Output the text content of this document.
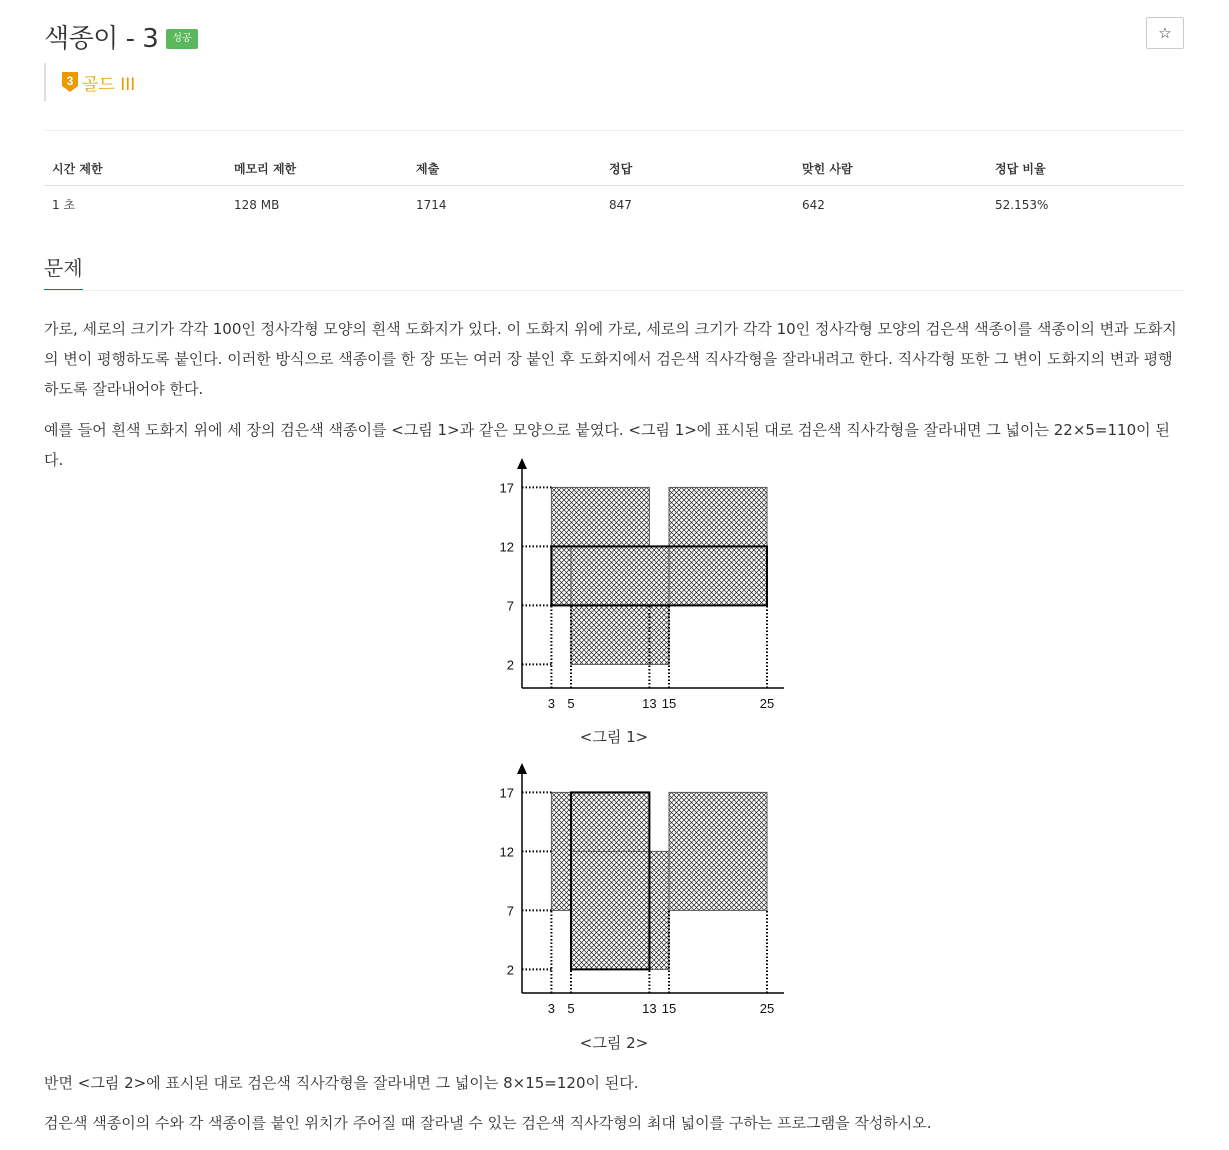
색종이 - 3	성공	☆
3 골드 III
시간 제한	메모리 제한	제출	정답	맞힌 사람	정답 비율
1 초	128 MB	1714	847	642	52.153%
문제
가로, 세로의 크기가 각각 100인 정사각형 모양의 흰색 도화지가 있다. 이 도화지 위에 가로, 세로의 크기가 각각 10인 정사각형 모양의 검은색 색종이를 색종이의 변과 도화지의 변이 평행하도록 붙인다. 이러한 방식으로 색종이를 한 장 또는 여러 장 붙인 후 도화지에서 검은색 직사각형을 잘라내려고 한다. 직사각형 또한 그 변이 도화지의 변과 평행하도록 잘라내어야 한다.
예를 들어 흰색 도화지 위에 세 장의 검은색 색종이를 <그림 1>과 같은 모양으로 붙였다. <그림 1>에 표시된 대로 검은색 직사각형을 잘라내면 그 넓이는 22×5=110이 된다.
17
12
7
2
3 5	13 15	25
<그림 1>
17
12
7
2
3 5	13 15	25
<그림 2>
반면 <그림 2>에 표시된 대로 검은색 직사각형을 잘라내면 그 넓이는 8×15=120이 된다.
검은색 색종이의 수와 각 색종이를 붙인 위치가 주어질 때 잘라낼 수 있는 검은색 직사각형의 최대 넓이를 구하는 프로그램을 작성하시오.
